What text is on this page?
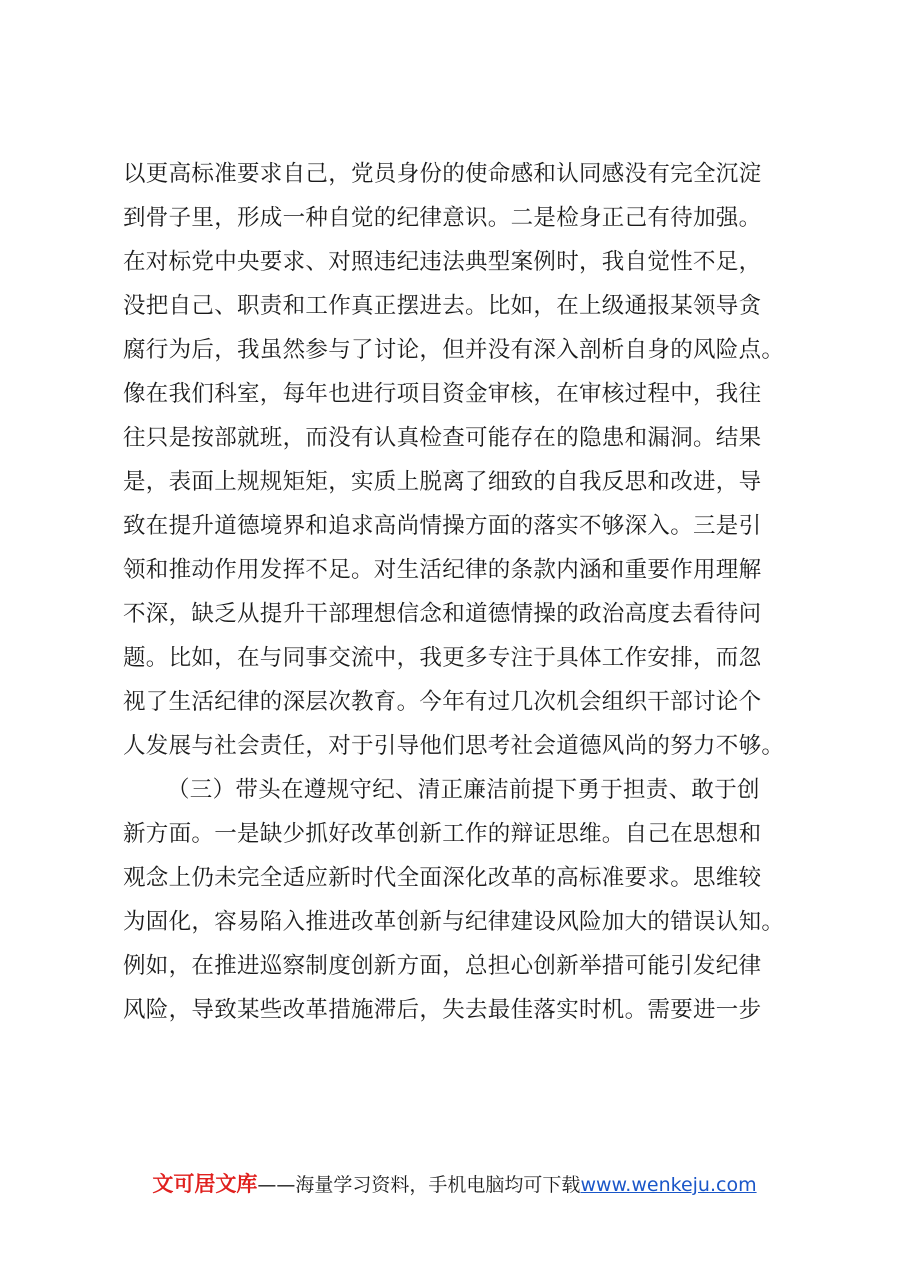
以更高标准要求自己，党员身份的使命感和认同感没有完全沉淀
到骨子里，形成一种自觉的纪律意识。二是检身正己有待加强。
在对标党中央要求、对照违纪违法典型案例时，我自觉性不足，
没把自己、职责和工作真正摆进去。比如，在上级通报某领导贪
腐行为后，我虽然参与了讨论，但并没有深入剖析自身的风险点。
像在我们科室，每年也进行项目资金审核，在审核过程中，我往
往只是按部就班，而没有认真检查可能存在的隐患和漏洞。结果
是，表面上规规矩矩，实质上脱离了细致的自我反思和改进，导
致在提升道德境界和追求高尚情操方面的落实不够深入。三是引
领和推动作用发挥不足。对生活纪律的条款内涵和重要作用理解
不深，缺乏从提升干部理想信念和道德情操的政治高度去看待问
题。比如，在与同事交流中，我更多专注于具体工作安排，而忽
视了生活纪律的深层次教育。今年有过几次机会组织干部讨论个
人发展与社会责任，对于引导他们思考社会道德风尚的努力不够。
（三）带头在遵规守纪、清正廉洁前提下勇于担责、敢于创
新方面。一是缺少抓好改革创新工作的辩证思维。自己在思想和
观念上仍未完全适应新时代全面深化改革的高标准要求。思维较
为固化，容易陷入推进改革创新与纪律建设风险加大的错误认知。
例如，在推进巡察制度创新方面，总担心创新举措可能引发纪律
风险，导致某些改革措施滞后，失去最佳落实时机。需要进一步
文可居文库——海量学习资料，手机电脑均可下载www.wenkeju.com
